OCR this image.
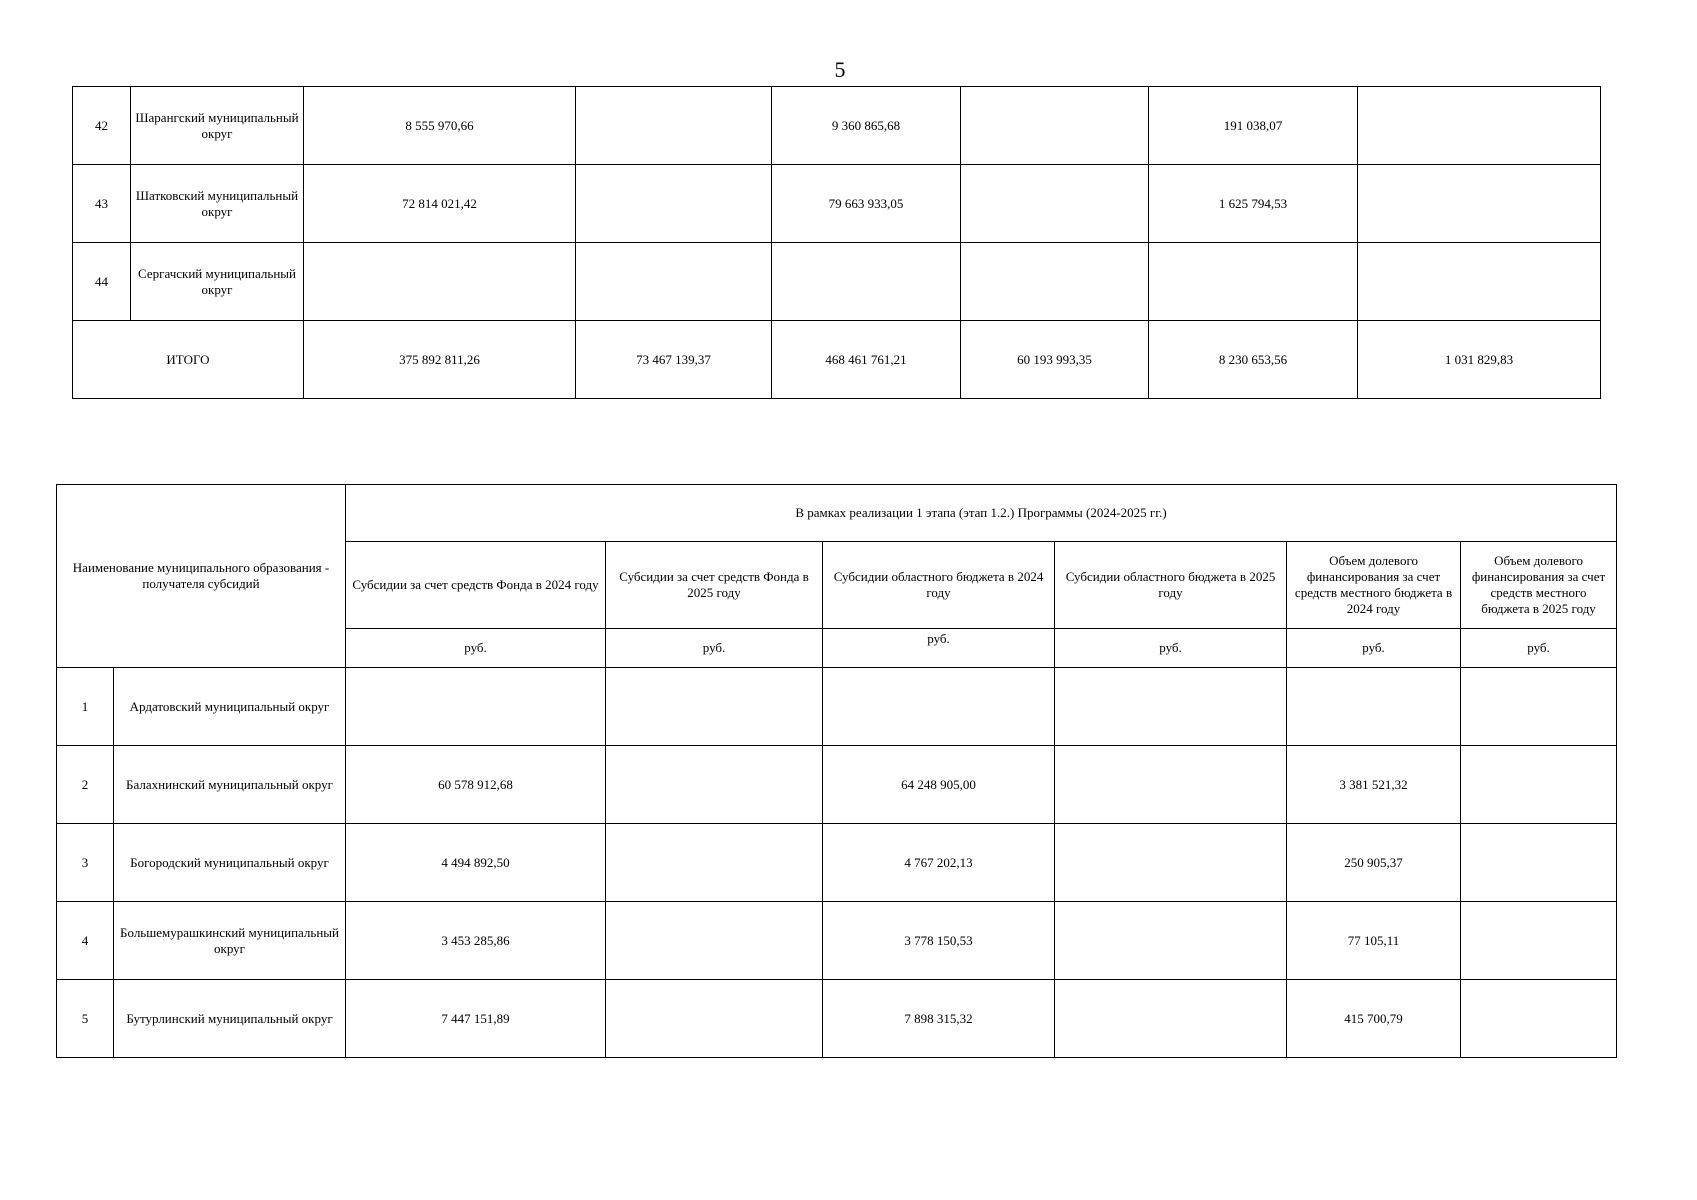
5
42	Шарангский муниципальный округ	8 555 970,66		9 360 865,68		191 038,07	
43	Шатковский муниципальный округ	72 814 021,42		79 663 933,05		1 625 794,53	
44	Сергачский муниципальный округ						
ИТОГО		375 892 811,26	73 467 139,37	468 461 761,21	60 193 993,35	8 230 653,56	1 031 829,83
Наименование муниципального образования - получателя субсидий		В рамках реализации 1 этапа (этап 1.2.) Программы (2024-2025 гг.)					
		Субсидии за счет средств Фонда в 2024 году	Субсидии за счет средств Фонда в 2025 году	Субсидии областного бюджета в 2024 году	Субсидии областного бюджета в 2025 году	Объем долевого финансирования за счет средств местного бюджета в 2024 году	Объем долевого финансирования за счет средств местного бюджета в 2025 году
		руб.	руб.	руб.	руб.	руб.	руб.
1	Ардатовский муниципальный округ						
2	Балахнинский муниципальный округ	60 578 912,68		64 248 905,00		3 381 521,32	
3	Богородский муниципальный округ	4 494 892,50		4 767 202,13		250 905,37	
4	Большемурашкинский муниципальный округ	3 453 285,86		3 778 150,53		77 105,11	
5	Бутурлинский муниципальный округ	7 447 151,89		7 898 315,32		415 700,79	
